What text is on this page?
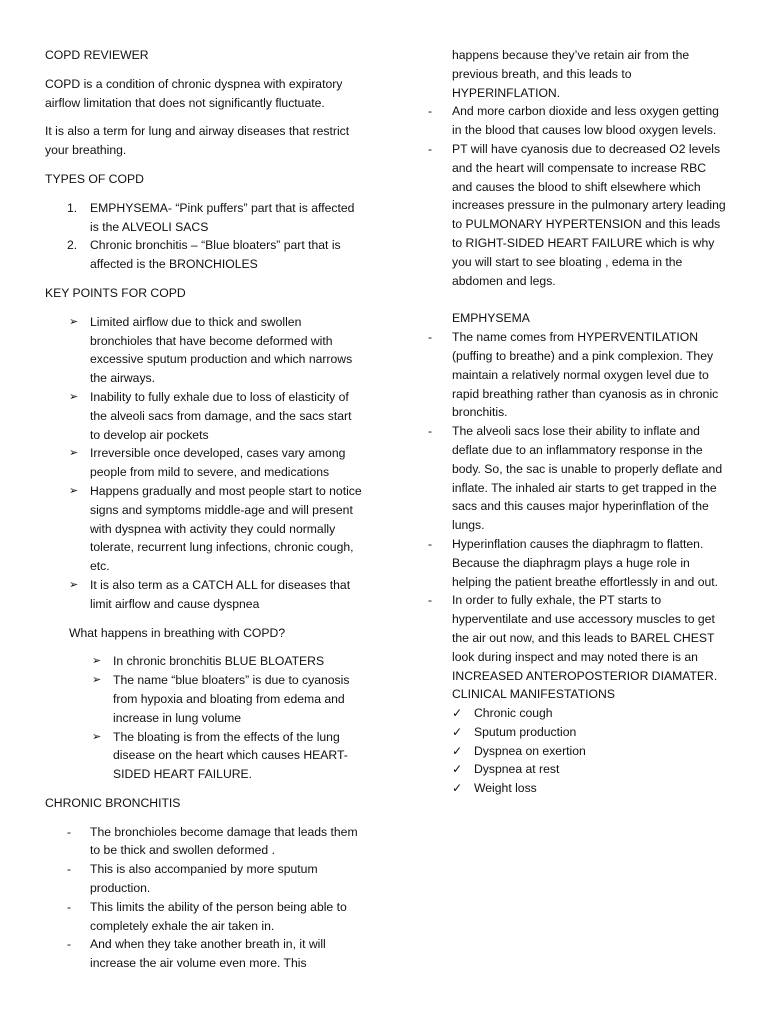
COPD REVIEWER

COPD is a condition of chronic dyspnea with expiratory airflow limitation that does not significantly fluctuate.

It is also a term for lung and airway diseases that restrict your breathing.

TYPES OF COPD

1.	EMPHYSEMA- “Pink puffers” part that is affected is the ALVEOLI SACS
2.	Chronic bronchitis – “Blue bloaters” part that is affected is the BRONCHIOLES

KEY POINTS FOR COPD

➢ Limited airflow due to thick and swollen bronchioles that have become deformed with excessive sputum production and which narrows the airways.
➢ Inability to fully exhale due to loss of elasticity of the alveoli sacs from damage, and the sacs start to develop air pockets
➢ Irreversible once developed, cases vary among people from mild to severe, and medications
➢ Happens gradually and most people start to notice signs and symptoms middle-age and will present with dyspnea with activity they could normally tolerate, recurrent lung infections, chronic cough, etc.
➢ It is also term as a CATCH ALL for diseases that limit airflow and cause dyspnea

What happens in breathing with COPD?

➢ In chronic bronchitis BLUE BLOATERS
➢ The name “blue bloaters” is due to cyanosis from hypoxia and bloating from edema and increase in lung volume
➢ The bloating is from the effects of the lung disease on the heart which causes HEART-SIDED HEART FAILURE.

CHRONIC BRONCHITIS

- The bronchioles become damage that leads them to be thick and swollen deformed .
- This is also accompanied by more sputum production.
- This limits the ability of the person being able to completely exhale the air taken in.
- And when they take another breath in, it will increase the air volume even more. This

happens because they’ve retain air from the previous breath, and this leads to HYPERINFLATION.

- And more carbon dioxide and less oxygen getting in the blood that causes low blood oxygen levels.
- PT will have cyanosis due to decreased O2 levels and the heart will compensate to increase RBC and causes the blood to shift elsewhere which increases pressure in the pulmonary artery leading to PULMONARY HYPERTENSION and this leads to RIGHT-SIDED HEART FAILURE which is why you will start to see bloating , edema in the abdomen and legs.

EMPHYSEMA

- The name comes from HYPERVENTILATION (puffing to breathe) and a pink complexion. They maintain a relatively normal oxygen level due to rapid breathing rather than cyanosis as in chronic bronchitis.
- The alveoli sacs lose their ability to inflate and deflate due to an inflammatory response in the body. So, the sac is unable to properly deflate and inflate. The inhaled air starts to get trapped in the sacs and this causes major hyperinflation of the lungs.
- Hyperinflation causes the diaphragm to flatten. Because the diaphragm plays a huge role in helping the patient breathe effortlessly in and out.
- In order to fully exhale, the PT starts to hyperventilate and use accessory muscles to get the air out now, and this leads to BAREL CHEST look during inspect and may noted there is an INCREASED ANTEROPOSTERIOR DIAMATER.

CLINICAL MANIFESTATIONS

✓ Chronic cough
✓ Sputum production
✓ Dyspnea on exertion
✓ Dyspnea at rest
✓ Weight loss
